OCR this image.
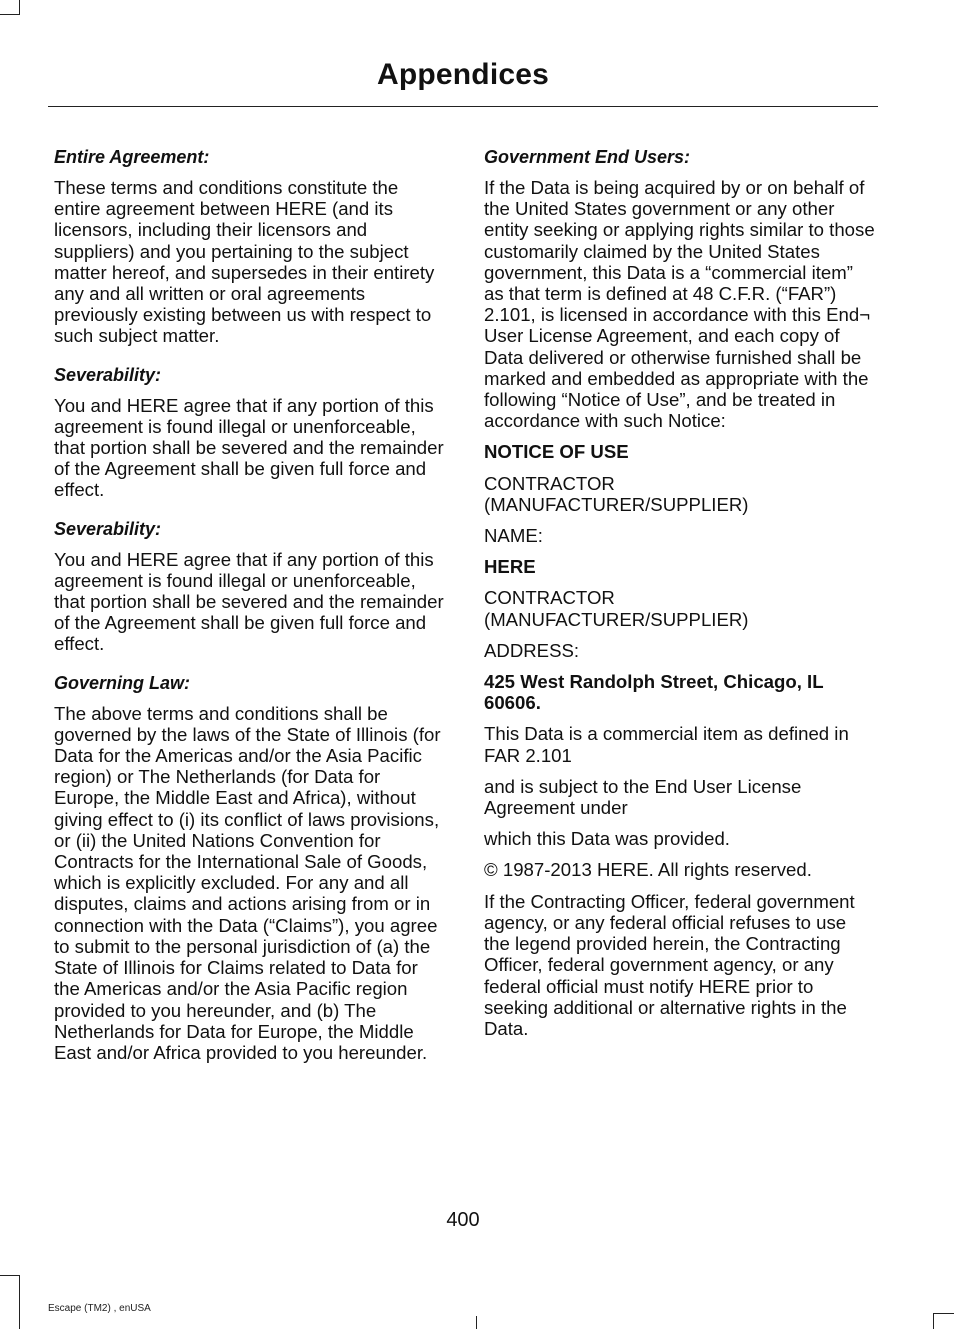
Appendices
Entire Agreement:
These terms and conditions constitute the entire agreement between HERE (and its licensors, including their licensors and suppliers) and you pertaining to the subject matter hereof, and supersedes in their entirety any and all written or oral agreements previously existing between us with respect to such subject matter.
Severability:
You and HERE agree that if any portion of this agreement is found illegal or unenforceable, that portion shall be severed and the remainder of the Agreement shall be given full force and effect.
Severability:
You and HERE agree that if any portion of this agreement is found illegal or unenforceable, that portion shall be severed and the remainder of the Agreement shall be given full force and effect.
Governing Law:
The above terms and conditions shall be governed by the laws of the State of Illinois (for Data for the Americas and/or the Asia Pacific region) or The Netherlands (for Data for Europe, the Middle East and Africa), without giving effect to (i) its conflict of laws provisions, or (ii) the United Nations Convention for Contracts for the International Sale of Goods, which is explicitly excluded. For any and all disputes, claims and actions arising from or in connection with the Data (“Claims”), you agree to submit to the personal jurisdiction of (a) the State of Illinois for Claims related to Data for the Americas and/or the Asia Pacific region provided to you hereunder, and (b) The Netherlands for Data for Europe, the Middle East and/or Africa provided to you hereunder.
Government End Users:
If the Data is being acquired by or on behalf of the United States government or any other entity seeking or applying rights similar to those customarily claimed by the United States government, this Data is a “commercial item” as that term is defined at 48 C.F.R. (“FAR”) 2.101, is licensed in accordance with this End¬ User License Agreement, and each copy of Data delivered or otherwise furnished shall be marked and embedded as appropriate with the following “Notice of Use”, and be treated in accordance with such Notice:
NOTICE OF USE
CONTRACTOR (MANUFACTURER/SUPPLIER)
NAME:
HERE
CONTRACTOR (MANUFACTURER/SUPPLIER)
ADDRESS:
425 West Randolph Street, Chicago, IL 60606.
This Data is a commercial item as defined in FAR 2.101
and is subject to the End User License Agreement under
which this Data was provided.
© 1987-2013 HERE. All rights reserved.
If the Contracting Officer, federal government agency, or any federal official refuses to use the legend provided herein, the Contracting Officer, federal government agency, or any federal official must notify HERE prior to seeking additional or alternative rights in the Data.
400
Escape (TM2) , enUSA
